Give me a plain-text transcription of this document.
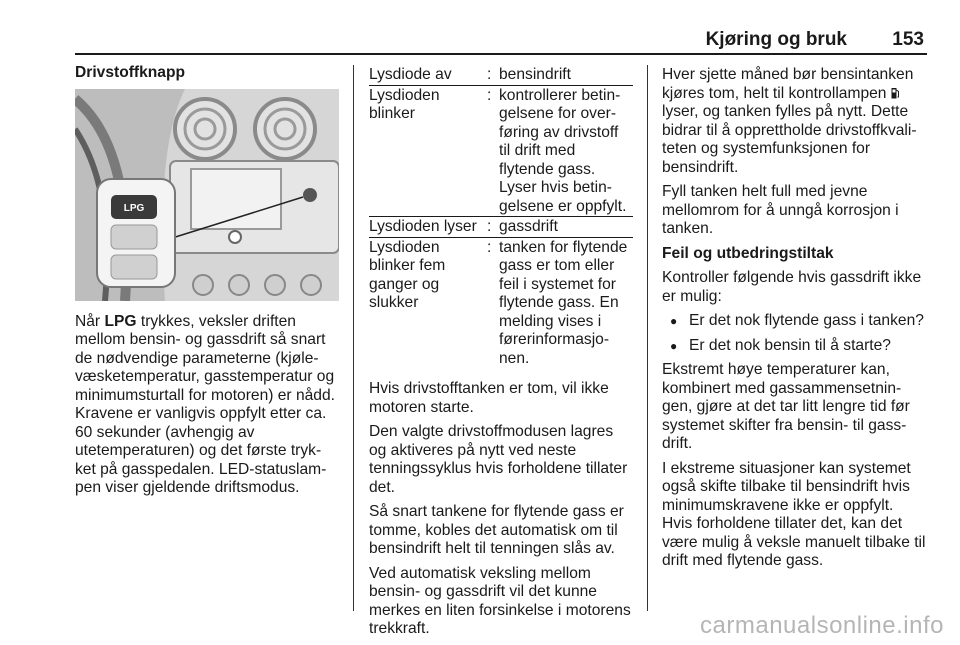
Kjøring og bruk 153

Drivstoffknapp

LPG

Når LPG trykkes, veksler driften mellom bensin- og gassdrift så snart de nødvendige parameterne (kjøle-væsketemperatur, gasstemperatur og minimumsturtall for motoren) er nådd. Kravene er vanligvis oppfylt etter ca. 60 sekunder (avhengig av utetemperaturen) og det første tryk-ket på gasspedalen. LED-statuslam-pen viser gjeldende driftsmodus.

Lysdiode av	:	bensindrift
Lysdioden blinker	:	kontrollerer betin-gelsene for over-føring av drivstoff til drift med flytende gass. Lyser hvis betin-gelsene er oppfylt.
Lysdioden lyser	:	gassdrift
Lysdioden blinker fem ganger og slukker	:	tanken for flytende gass er tom eller feil i systemet for flytende gass. En melding vises i førerinformasjo-nen.

Hvis drivstofftanken er tom, vil ikke motoren starte.

Den valgte drivstoffmodusen lagres og aktiveres på nytt ved neste tenningssyklus hvis forholdene tillater det.

Så snart tankene for flytende gass er tomme, kobles det automatisk om til bensindrift helt til tenningen slås av.

Ved automatisk veksling mellom bensin- og gassdrift vil det kunne merkes en liten forsinkelse i motorens trekkraft.

Hver sjette måned bør bensintanken kjøres tom, helt til kontrollampen  lyser, og tanken fylles på nytt. Dette bidrar til å opprettholde drivstoffkvali-teten og systemfunksjonen for bensindrift.

Fyll tanken helt full med jevne mellomrom for å unngå korrosjon i tanken.

Feil og utbedringstiltak

Kontroller følgende hvis gassdrift ikke er mulig:

● Er det nok flytende gass i tanken?
● Er det nok bensin til å starte?

Ekstremt høye temperaturer kan, kombinert med gassammensetnin-gen, gjøre at det tar litt lengre tid før systemet skifter fra bensin- til gass-drift.

I ekstreme situasjoner kan systemet også skifte tilbake til bensindrift hvis minimumskravene ikke er oppfylt. Hvis forholdene tillater det, kan det være mulig å veksle manuelt tilbake til drift med flytende gass.

carmanualsonline.info
